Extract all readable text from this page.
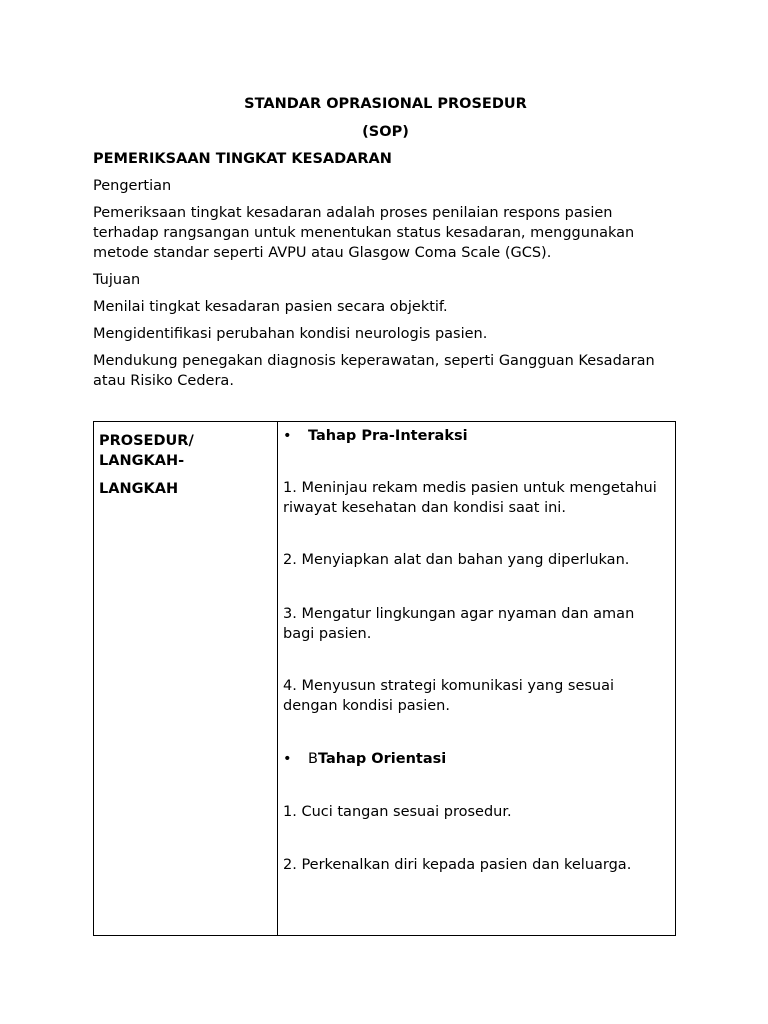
STANDAR OPRASIONAL PROSEDUR
(SOP)
PEMERIKSAAN TINGKAT KESADARAN

Pengertian

Pemeriksaan tingkat kesadaran adalah proses penilaian respons pasien terhadap rangsangan untuk menentukan status kesadaran, menggunakan metode standar seperti AVPU atau Glasgow Coma Scale (GCS).

Tujuan

Menilai tingkat kesadaran pasien secara objektif.

Mengidentifikasi perubahan kondisi neurologis pasien.

Mendukung penegakan diagnosis keperawatan, seperti Gangguan Kesadaran atau Risiko Cedera.

PROSEDUR/ LANGKAH-
LANGKAH
•	Tahap Pra-Interaksi
1. Meninjau rekam medis pasien untuk mengetahui riwayat kesehatan dan kondisi saat ini.
2. Menyiapkan alat dan bahan yang diperlukan.
3. Mengatur lingkungan agar nyaman dan aman bagi pasien.
4. Menyusun strategi komunikasi yang sesuai dengan kondisi pasien.
•	B Tahap Orientasi
1. Cuci tangan sesuai prosedur.
2. Perkenalkan diri kepada pasien dan keluarga.
